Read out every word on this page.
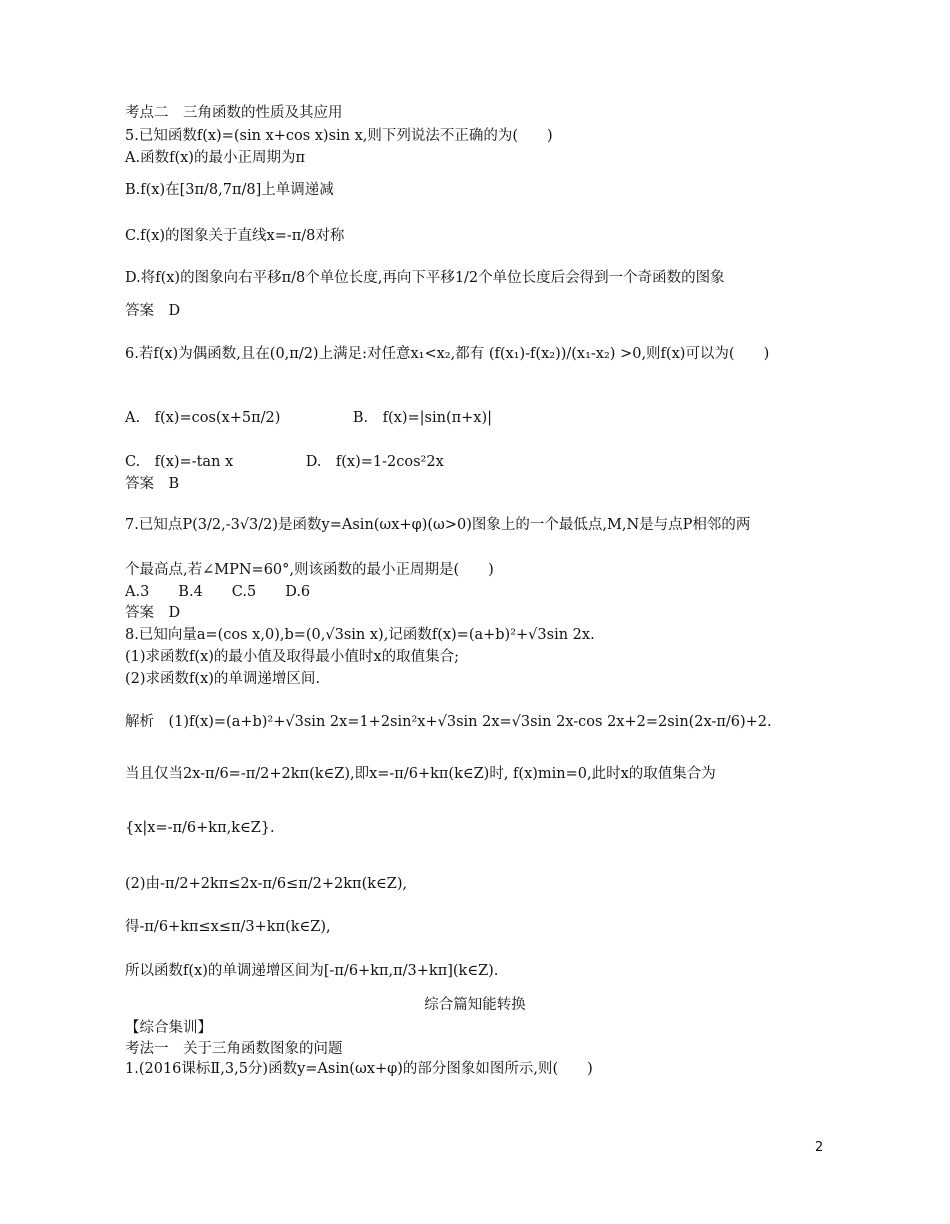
考点二　三角函数的性质及其应用
5.已知函数f(x)=(sin x+cos x)sin x,则下列说法不正确的为(　　)
A.函数f(x)的最小正周期为π
B.f(x)在[3π/8,7π/8]上单调递减
C.f(x)的图象关于直线x=-π/8对称
D.将f(x)的图象向右平移π/8个单位长度,再向下平移1/2个单位长度后会得到一个奇函数的图象
答案　D
6.若f(x)为偶函数,且在(0,π/2)上满足:对任意x₁<x₂,都有 (f(x₁)-f(x₂))/(x₁-x₂) >0,则f(x)可以为(　　)
A.　f(x)=cos(x+5π/2)　　　　　B.　f(x)=|sin(π+x)|
C.　f(x)=-tan x　　　　　D.　f(x)=1-2cos²2x
答案　B
7.已知点P(3/2,-3√3/2)是函数y=Asin(ωx+φ)(ω>0)图象上的一个最低点,M,N是与点P相邻的两
个最高点,若∠MPN=60°,则该函数的最小正周期是(　　)
A.3　　B.4　　C.5　　D.6
答案　D
8.已知向量a=(cos x,0),b=(0,√3sin x),记函数f(x)=(a+b)²+√3sin 2x.
(1)求函数f(x)的最小值及取得最小值时x的取值集合;
(2)求函数f(x)的单调递增区间.
解析　(1)f(x)=(a+b)²+√3sin 2x=1+2sin²x+√3sin 2x=√3sin 2x-cos 2x+2=2sin(2x-π/6)+2.
当且仅当2x-π/6=-π/2+2kπ(k∈Z),即x=-π/6+kπ(k∈Z)时, f(x)min=0,此时x的取值集合为
{x|x=-π/6+kπ,k∈Z}.
(2)由-π/2+2kπ≤2x-π/6≤π/2+2kπ(k∈Z),
得-π/6+kπ≤x≤π/3+kπ(k∈Z),
所以函数f(x)的单调递增区间为[-π/6+kπ,π/3+kπ](k∈Z).
综合篇知能转换
【综合集训】
考法一　关于三角函数图象的问题
1.(2016课标Ⅱ,3,5分)函数y=Asin(ωx+φ)的部分图象如图所示,则(　　)
2
